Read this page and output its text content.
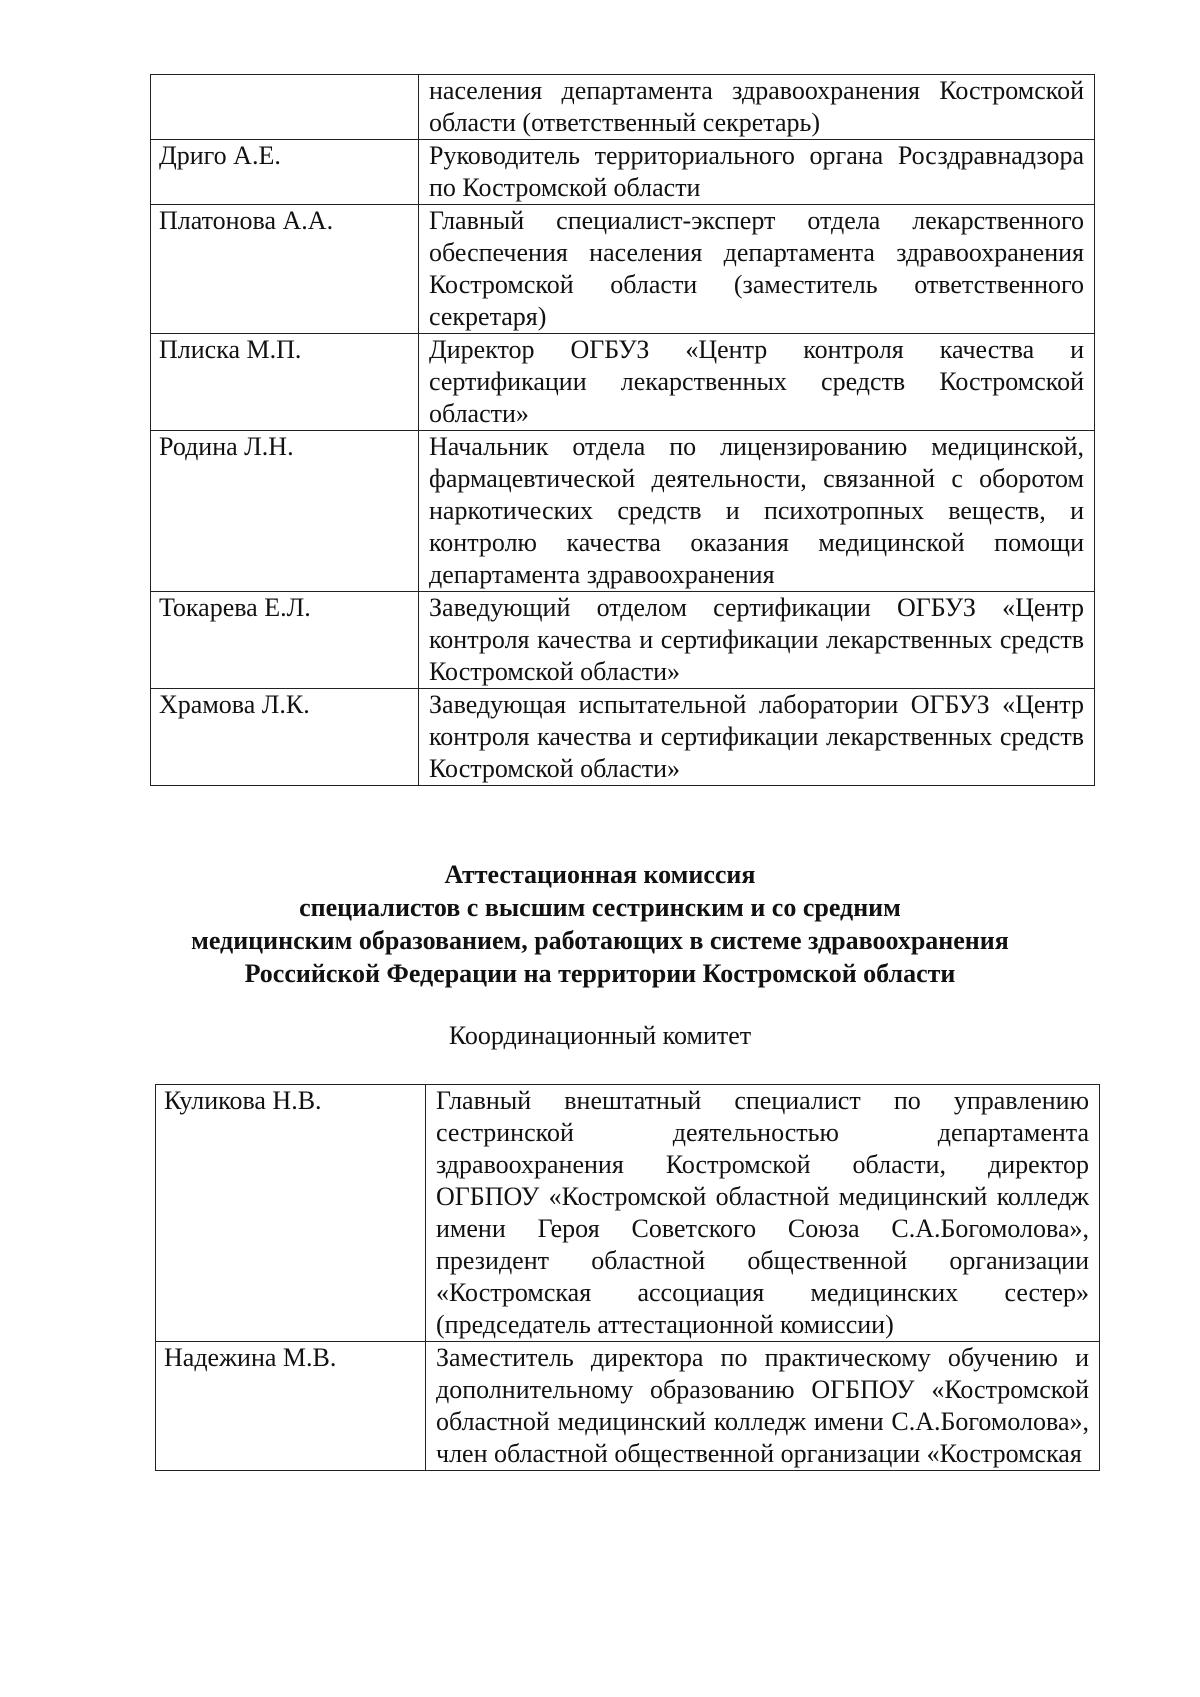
	населения департамента здравоохранения Костромской области (ответственный секретарь)
Дриго А.Е.	Руководитель территориального органа Росздравнадзора по Костромской области
Платонова А.А.	Главный специалист-эксперт отдела лекарственного обеспечения населения департамента здравоохранения Костромской области (заместитель ответственного секретаря)
Плиска М.П.	Директор ОГБУЗ «Центр контроля качества и сертификации лекарственных средств Костромской области»
Родина Л.Н.	Начальник отдела по лицензированию медицинской, фармацевтической деятельности, связанной с оборотом наркотических средств и психотропных веществ, и контролю качества оказания медицинской помощи департамента здравоохранения
Токарева Е.Л.	Заведующий отделом сертификации ОГБУЗ «Центр контроля качества и сертификации лекарственных средств Костромской области»
Храмова Л.К.	Заведующая испытательной лаборатории ОГБУЗ «Центр контроля качества и сертификации лекарственных средств Костромской области»
Аттестационная комиссия
специалистов с высшим сестринским и со средним
медицинским образованием, работающих в системе здравоохранения
Российской Федерации на территории Костромской области
Координационный комитет
Куликова Н.В.	Главный внештатный специалист по управлению сестринской деятельностью департамента здравоохранения Костромской области, директор ОГБПОУ «Костромской областной медицинский колледж имени Героя Советского Союза С.А.Богомолова», президент областной общественной организации «Костромская ассоциация медицинских сестер» (председатель аттестационной комиссии)
Надежина М.В.	Заместитель директора по практическому обучению и дополнительному образованию ОГБПОУ «Костромской областной медицинский колледж имени С.А.Богомолова», член областной общественной организации «Костромская
